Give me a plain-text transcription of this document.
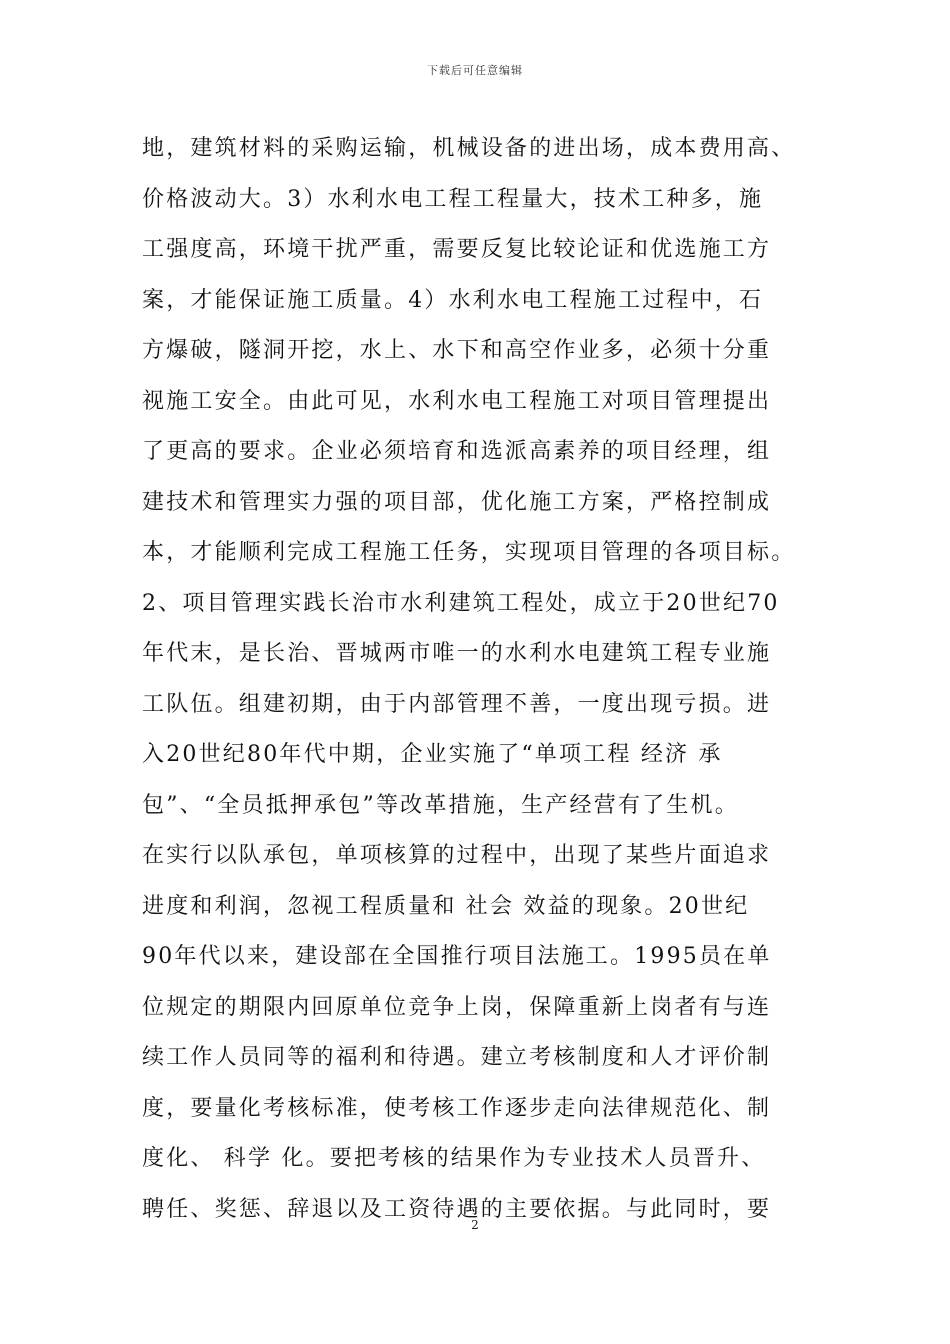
下载后可任意编辑
地，建筑材料的采购运输，机械设备的进出场，成本费用高、
价格波动大。3）水利水电工程工程量大，技术工种多，施
工强度高，环境干扰严重，需要反复比较论证和优选施工方
案，才能保证施工质量。4）水利水电工程施工过程中，石
方爆破，隧洞开挖，水上、水下和高空作业多，必须十分重
视施工安全。由此可见，水利水电工程施工对项目管理提出
了更高的要求。企业必须培育和选派高素养的项目经理，组
建技术和管理实力强的项目部，优化施工方案，严格控制成
本，才能顺利完成工程施工任务，实现项目管理的各项目标。
2、项目管理实践长治市水利建筑工程处，成立于20世纪70
年代末，是长治、晋城两市唯一的水利水电建筑工程专业施
工队伍。组建初期，由于内部管理不善，一度出现亏损。进
入20世纪80年代中期，企业实施了“单项工程 经济 承
包”、“全员抵押承包”等改革措施，生产经营有了生机。
在实行以队承包，单项核算的过程中，出现了某些片面追求
进度和利润，忽视工程质量和 社会 效益的现象。20世纪
90年代以来，建设部在全国推行项目法施工。1995员在单
位规定的期限内回原单位竞争上岗，保障重新上岗者有与连
续工作人员同等的福利和待遇。建立考核制度和人才评价制
度，要量化考核标准，使考核工作逐步走向法律规范化、制
度化、 科学 化。要把考核的结果作为专业技术人员晋升、
聘任、奖惩、辞退以及工资待遇的主要依据。与此同时，要
2
